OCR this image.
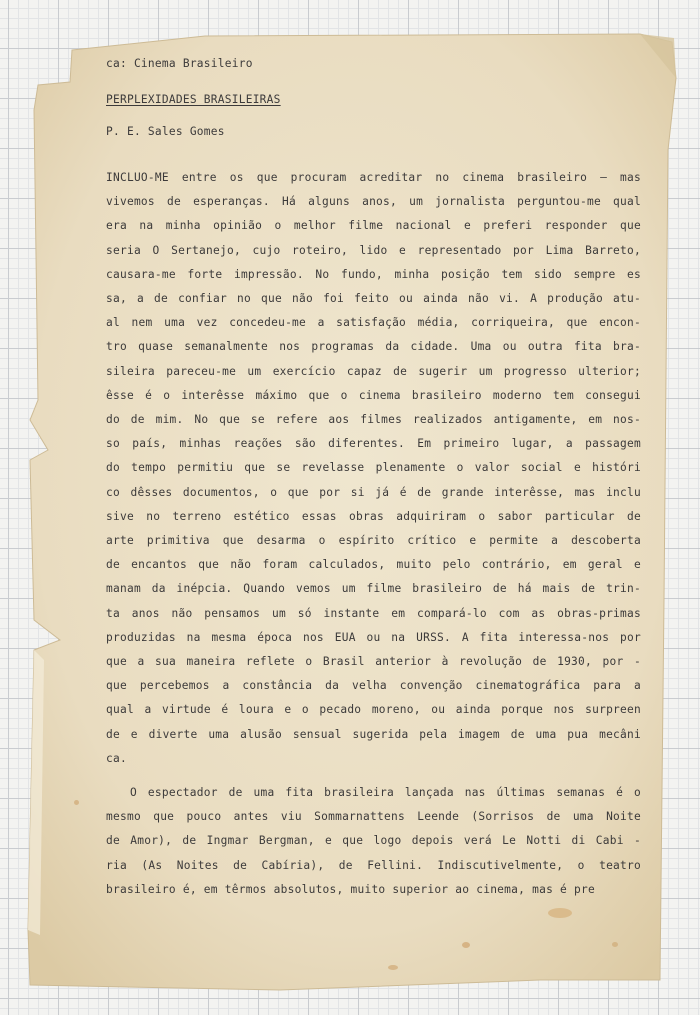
ca: Cinema Brasileiro
PERPLEXIDADES BRASILEIRAS
P. E. Sales Gomes
INCLUO-ME entre os que procuram acreditar no cinema brasileiro — mas
vivemos de esperanças. Há alguns anos, um jornalista perguntou-me qual
era na minha opinião o melhor filme nacional e preferi responder que
seria O Sertanejo, cujo roteiro, lido e representado por Lima Barreto,
causara-me forte impressão. No fundo, minha posição tem sido sempre es
sa, a de confiar no que não foi feito ou ainda não vi. A produção atu-
al nem uma vez concedeu-me a satisfação média, corriqueira, que encon-
tro quase semanalmente nos programas da cidade. Uma ou outra fita bra-
sileira pareceu-me um exercício capaz de sugerir um progresso ulterior;
êsse é o interêsse máximo que o cinema brasileiro moderno tem consegui
do de mim. No que se refere aos filmes realizados antigamente, em nos-
so país, minhas reações são diferentes. Em primeiro lugar, a passagem
do tempo permitiu que se revelasse plenamente o valor social e históri
co dêsses documentos, o que por si já é de grande interêsse, mas inclu
sive no terreno estético essas obras adquiriram o sabor particular de
arte primitiva que desarma o espírito crítico e permite a descoberta
de encantos que não foram calculados, muito pelo contrário, em geral e
manam da inépcia. Quando vemos um filme brasileiro de há mais de trin-
ta anos não pensamos um só instante em compará-lo com as obras-primas
produzidas na mesma época nos EUA ou na URSS. A fita interessa-nos por
que a sua maneira reflete o Brasil anterior à revolução de 1930, por -
que percebemos a constância da velha convenção cinematográfica para a
qual a virtude é loura e o pecado moreno, ou ainda porque nos surpreen
de e diverte uma alusão sensual sugerida pela imagem de uma pua mecâni
ca.
O espectador de uma fita brasileira lançada nas últimas semanas é o
mesmo que pouco antes viu Sommarnattens Leende (Sorrisos de uma Noite
de Amor), de Ingmar Bergman, e que logo depois verá Le Notti di Cabi -
ria (As Noites de Cabíria), de Fellini. Indiscutivelmente, o teatro
brasileiro é, em têrmos absolutos, muito superior ao cinema, mas é pre
